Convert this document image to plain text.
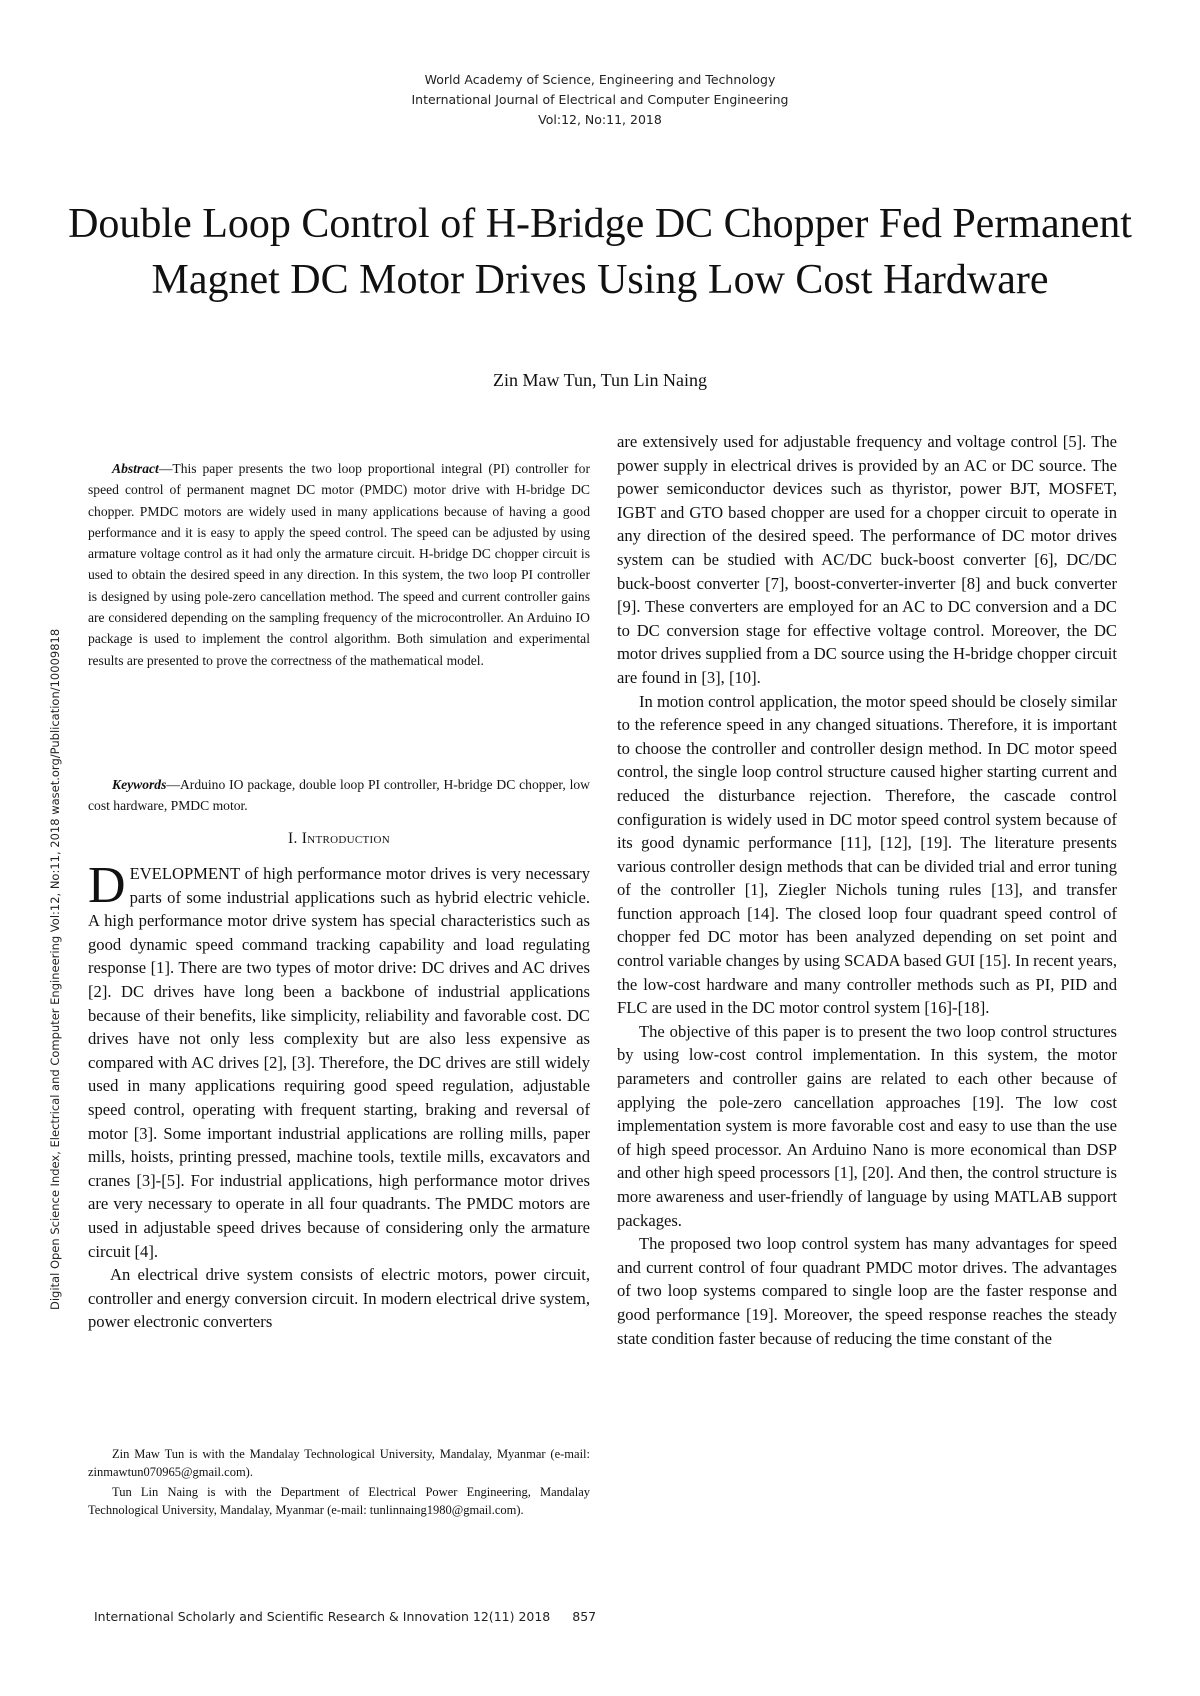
World Academy of Science, Engineering and Technology
International Journal of Electrical and Computer Engineering
Vol:12, No:11, 2018
Double Loop Control of H-Bridge DC Chopper Fed Permanent Magnet DC Motor Drives Using Low Cost Hardware
Zin Maw Tun, Tun Lin Naing
Digital Open Science Index, Electrical and Computer Engineering Vol:12, No:11, 2018 waset.org/Publication/10009818

Abstract—This paper presents the two loop proportional integral (PI) controller for speed control of permanent magnet DC motor (PMDC) motor drive with H-bridge DC chopper. PMDC motors are widely used in many applications because of having a good performance and it is easy to apply the speed control. The speed can be adjusted by using armature voltage control as it had only the armature circuit. H-bridge DC chopper circuit is used to obtain the desired speed in any direction. In this system, the two loop PI controller is designed by using pole-zero cancellation method. The speed and current controller gains are considered depending on the sampling frequency of the microcontroller. An Arduino IO package is used to implement the control algorithm. Both simulation and experimental results are presented to prove the correctness of the mathematical model.

Keywords—Arduino IO package, double loop PI controller, H-bridge DC chopper, low cost hardware, PMDC motor.

I. Introduction

DEVELOPMENT of high performance motor drives is very necessary parts of some industrial applications such as hybrid electric vehicle. A high performance motor drive system has special characteristics such as good dynamic speed command tracking capability and load regulating response [1]. There are two types of motor drive: DC drives and AC drives [2]. DC drives have long been a backbone of industrial applications because of their benefits, like simplicity, reliability and favorable cost. DC drives have not only less complexity but are also less expensive as compared with AC drives [2], [3]. Therefore, the DC drives are still widely used in many applications requiring good speed regulation, adjustable speed control, operating with frequent starting, braking and reversal of motor [3]. Some important industrial applications are rolling mills, paper mills, hoists, printing pressed, machine tools, textile mills, excavators and cranes [3]-[5]. For industrial applications, high performance motor drives are very necessary to operate in all four quadrants. The PMDC motors are used in adjustable speed drives because of considering only the armature circuit [4].

An electrical drive system consists of electric motors, power circuit, controller and energy conversion circuit. In modern electrical drive system, power electronic converters

Zin Maw Tun is with the Mandalay Technological University, Mandalay, Myanmar (e-mail: zinmawtun070965@gmail.com).

Tun Lin Naing is with the Department of Electrical Power Engineering, Mandalay Technological University, Mandalay, Myanmar (e-mail: tunlinnaing1980@gmail.com).

are extensively used for adjustable frequency and voltage control [5]. The power supply in electrical drives is provided by an AC or DC source. The power semiconductor devices such as thyristor, power BJT, MOSFET, IGBT and GTO based chopper are used for a chopper circuit to operate in any direction of the desired speed. The performance of DC motor drives system can be studied with AC/DC buck-boost converter [6], DC/DC buck-boost converter [7], boost-converter-inverter [8] and buck converter [9]. These converters are employed for an AC to DC conversion and a DC to DC conversion stage for effective voltage control. Moreover, the DC motor drives supplied from a DC source using the H-bridge chopper circuit are found in [3], [10].

In motion control application, the motor speed should be closely similar to the reference speed in any changed situations. Therefore, it is important to choose the controller and controller design method. In DC motor speed control, the single loop control structure caused higher starting current and reduced the disturbance rejection. Therefore, the cascade control configuration is widely used in DC motor speed control system because of its good dynamic performance [11], [12], [19]. The literature presents various controller design methods that can be divided trial and error tuning of the controller [1], Ziegler Nichols tuning rules [13], and transfer function approach [14]. The closed loop four quadrant speed control of chopper fed DC motor has been analyzed depending on set point and control variable changes by using SCADA based GUI [15]. In recent years, the low-cost hardware and many controller methods such as PI, PID and FLC are used in the DC motor control system [16]-[18].

The objective of this paper is to present the two loop control structures by using low-cost control implementation. In this system, the motor parameters and controller gains are related to each other because of applying the pole-zero cancellation approaches [19]. The low cost implementation system is more favorable cost and easy to use than the use of high speed processor. An Arduino Nano is more economical than DSP and other high speed processors [1], [20]. And then, the control structure is more awareness and user-friendly of language by using MATLAB support packages.

The proposed two loop control system has many advantages for speed and current control of four quadrant PMDC motor drives. The advantages of two loop systems compared to single loop are the faster response and good performance [19]. Moreover, the speed response reaches the steady state condition faster because of reducing the time constant of the

International Scholarly and Scientific Research & Innovation 12(11) 2018 857
